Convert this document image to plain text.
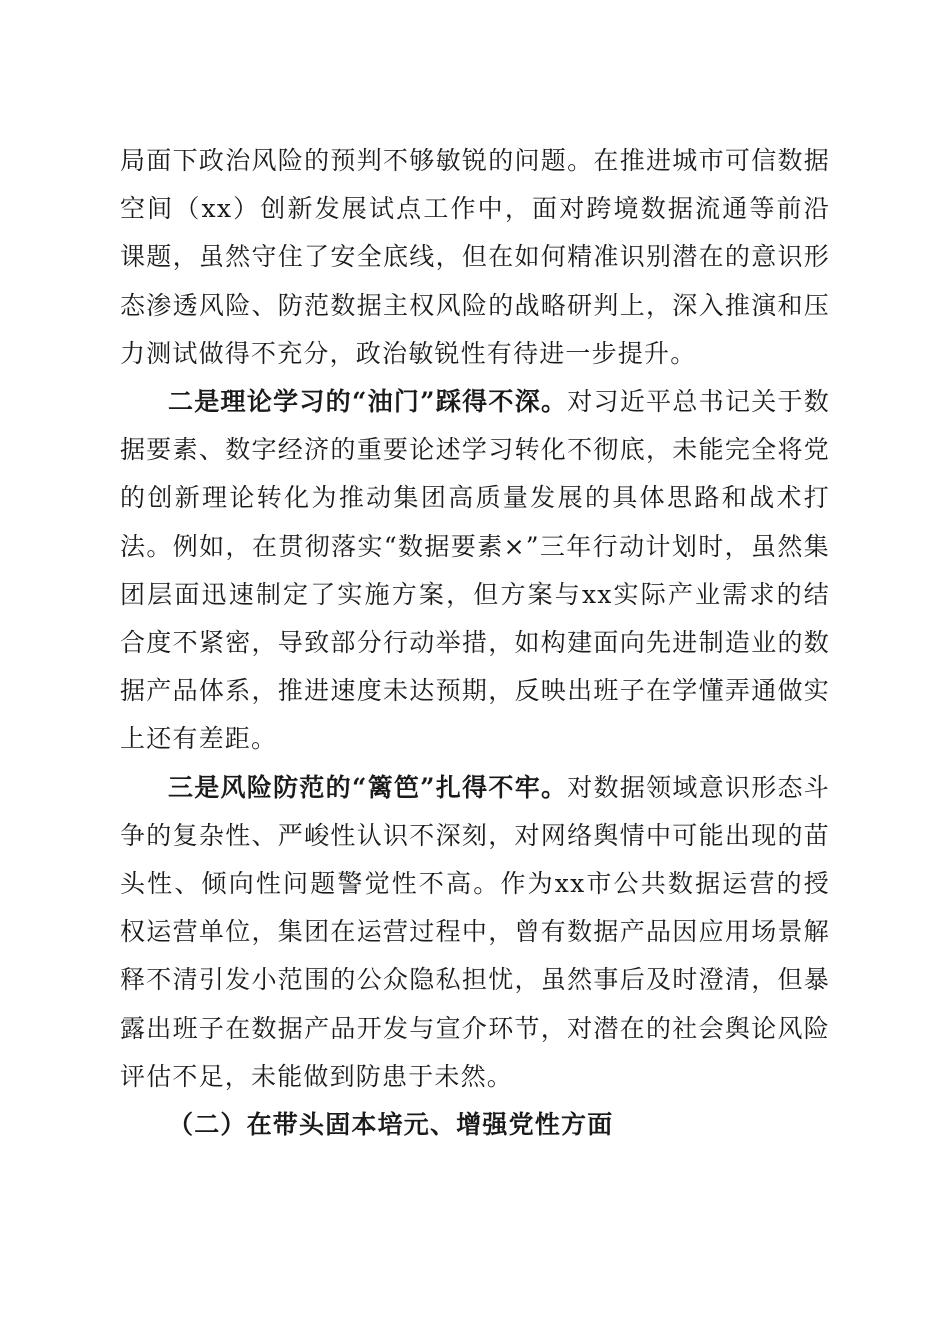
局面下政治风险的预判不够敏锐的问题。在推进城市可信数据空间（xx）创新发展试点工作中，面对跨境数据流通等前沿课题，虽然守住了安全底线，但在如何精准识别潜在的意识形态渗透风险、防范数据主权风险的战略研判上，深入推演和压力测试做得不充分，政治敏锐性有待进一步提升。

二是理论学习的“油门”踩得不深。对习近平总书记关于数据要素、数字经济的重要论述学习转化不彻底，未能完全将党的创新理论转化为推动集团高质量发展的具体思路和战术打法。例如，在贯彻落实“数据要素×”三年行动计划时，虽然集团层面迅速制定了实施方案，但方案与xx实际产业需求的结合度不紧密，导致部分行动举措，如构建面向先进制造业的数据产品体系，推进速度未达预期，反映出班子在学懂弄通做实上还有差距。

三是风险防范的“篱笆”扎得不牢。对数据领域意识形态斗争的复杂性、严峻性认识不深刻，对网络舆情中可能出现的苗头性、倾向性问题警觉性不高。作为xx市公共数据运营的授权运营单位，集团在运营过程中，曾有数据产品因应用场景解释不清引发小范围的公众隐私担忧，虽然事后及时澄清，但暴露出班子在数据产品开发与宣介环节，对潜在的社会舆论风险评估不足，未能做到防患于未然。

（二）在带头固本培元、增强党性方面
